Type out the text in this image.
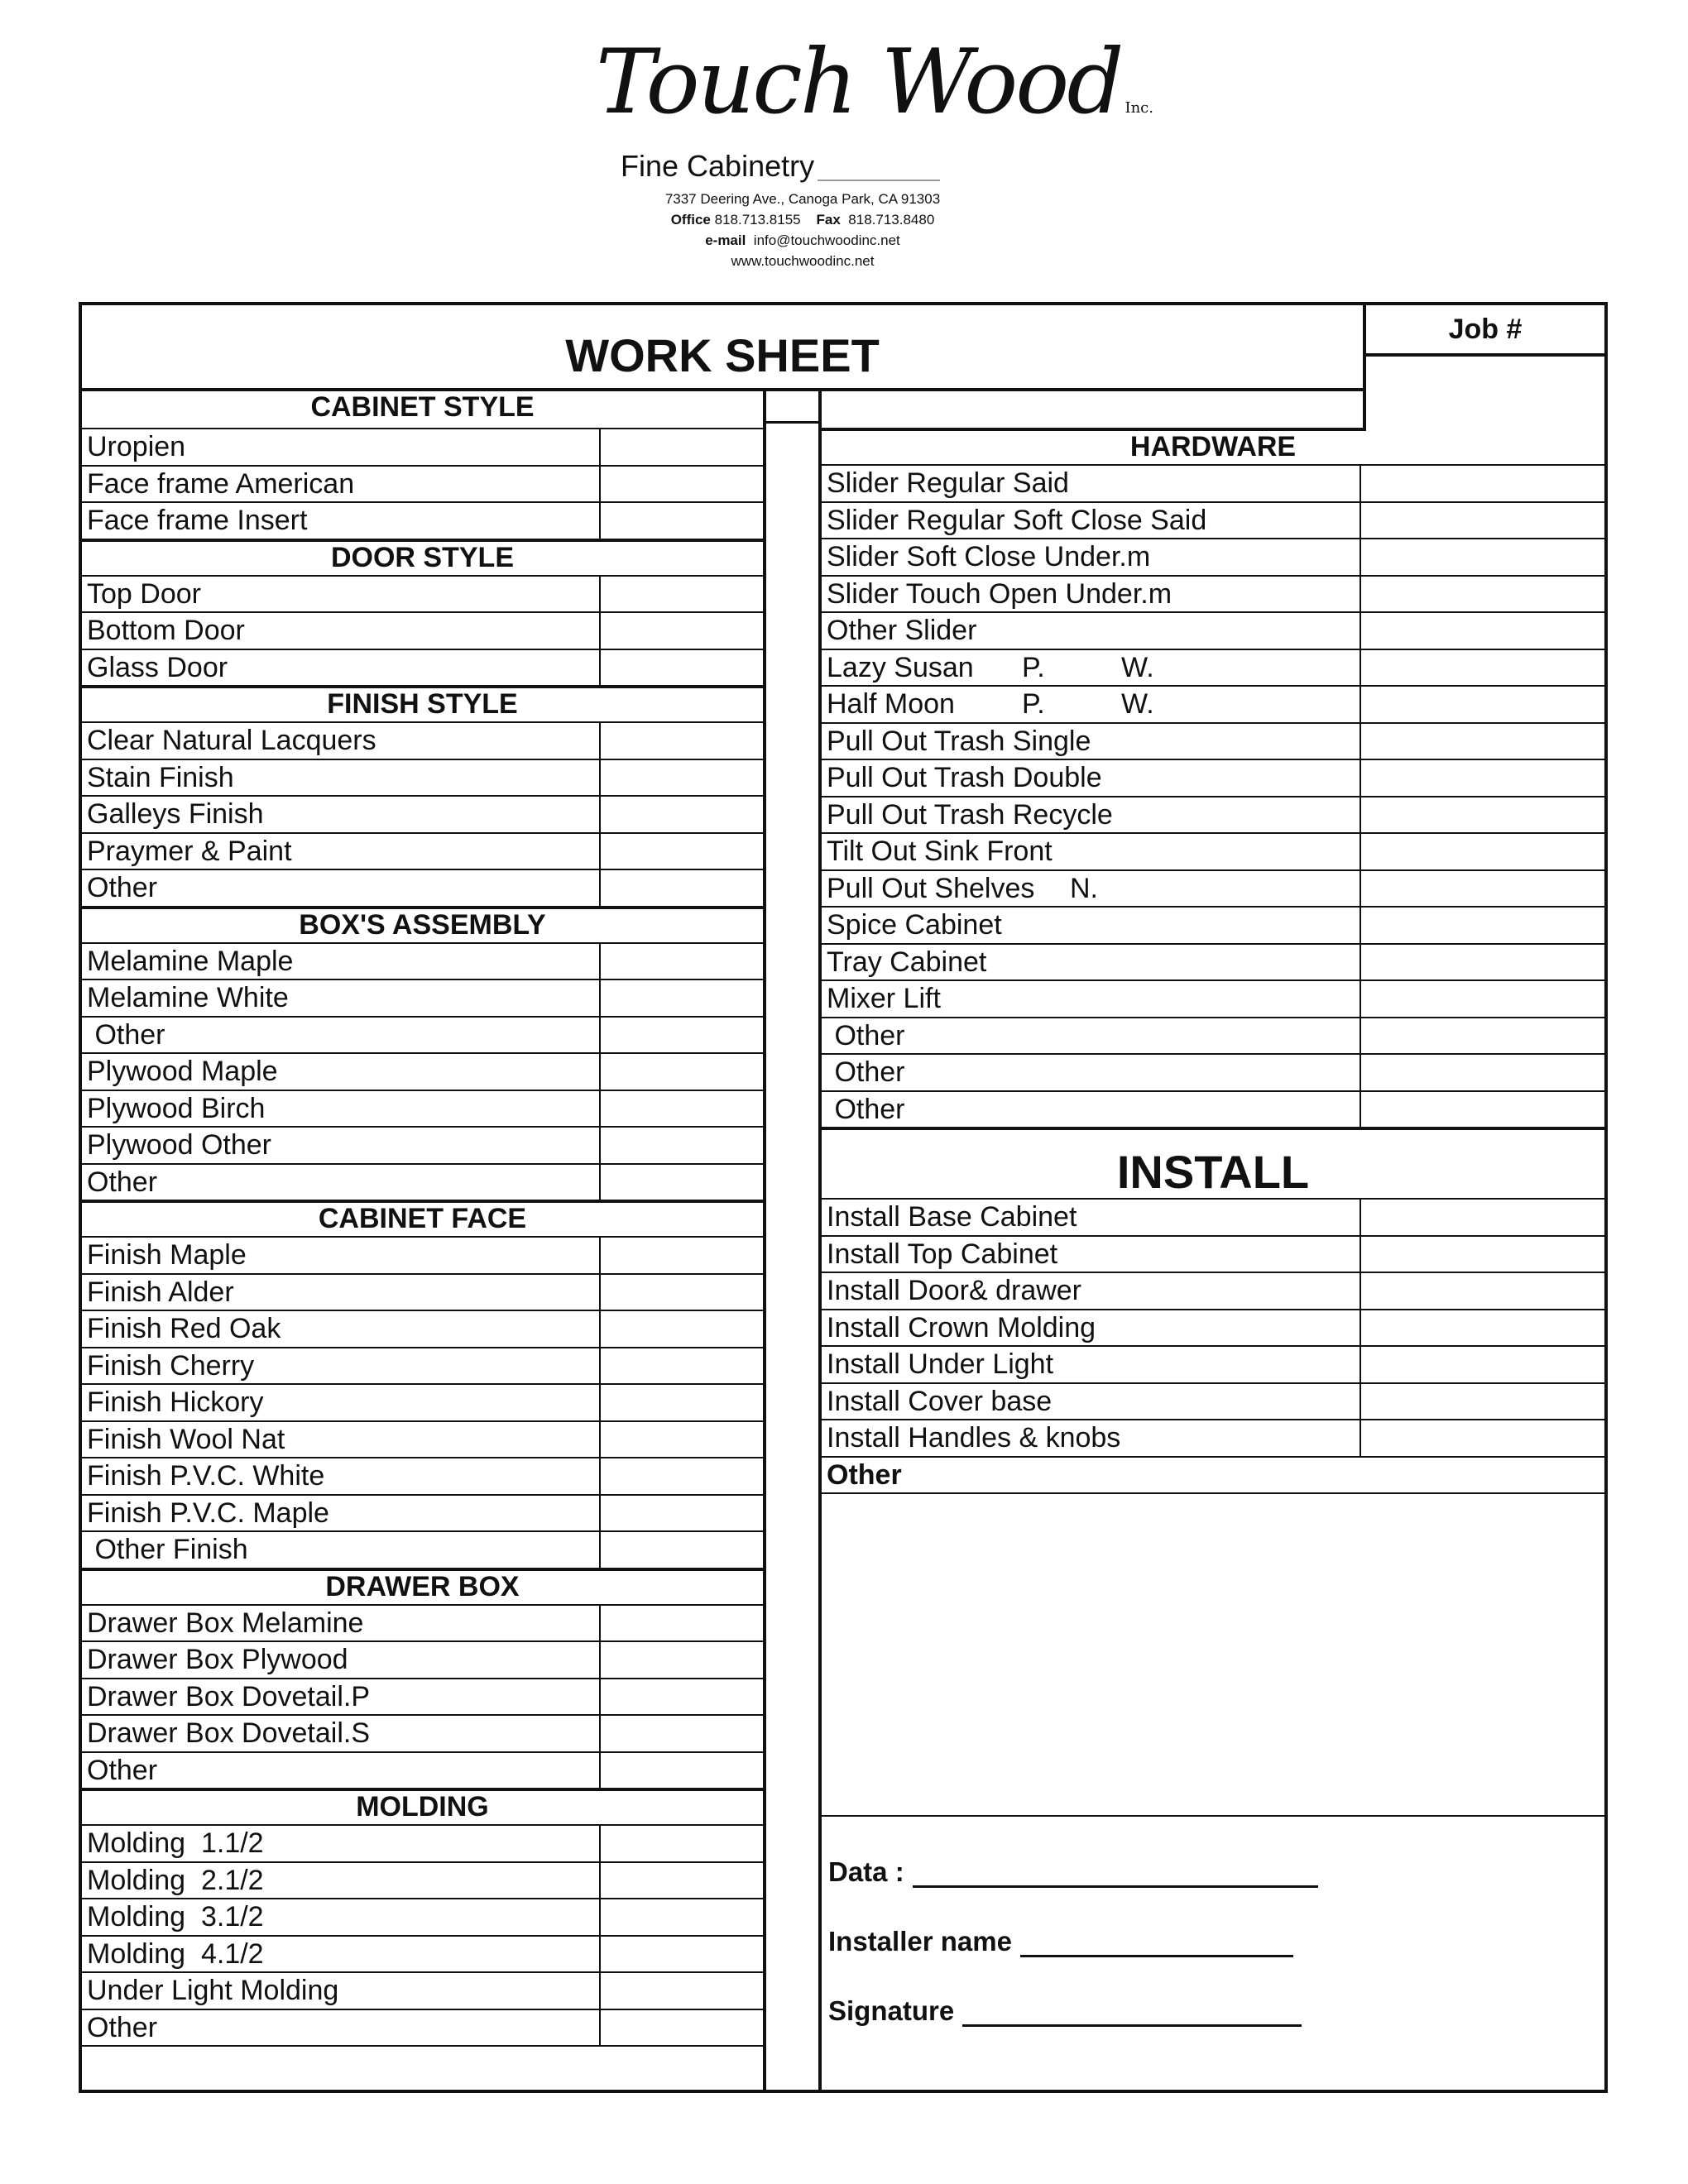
Touch Wood Inc.
Fine Cabinetry
7337 Deering Ave., Canoga Park, CA 91303
Office 818.713.8155 Fax 818.713.8480
e-mail info@touchwoodinc.net
www.touchwoodinc.net
WORK SHEET	Job #
CABINET STYLE
Uropien
Face frame American
Face frame Insert
DOOR STYLE
Top Door
Bottom Door
Glass Door
FINISH STYLE
Clear Natural Lacquers
Stain Finish
Galleys Finish
Praymer & Paint
Other
BOX'S ASSEMBLY
Melamine Maple
Melamine White
Other
Plywood Maple
Plywood Birch
Plywood Other
Other
CABINET FACE
Finish Maple
Finish Alder
Finish Red Oak
Finish Cherry
Finish Hickory
Finish Wool Nat
Finish P.V.C. White
Finish P.V.C. Maple
Other Finish
DRAWER BOX
Drawer Box Melamine
Drawer Box Plywood
Drawer Box Dovetail.P
Drawer Box Dovetail.S
Other
MOLDING
Molding  1.1/2
Molding  2.1/2
Molding  3.1/2
Molding  4.1/2
Under Light Molding
Other
HARDWARE
Slider Regular Said
Slider Regular Soft Close Said
Slider Soft Close Under.m
Slider Touch Open Under.m
Other Slider
Lazy Susan P.	W.
Half Moon P.	W.
Pull Out Trash Single
Pull Out Trash Double
Pull Out Trash Recycle
Tilt Out Sink Front
Pull Out Shelves N.
Spice Cabinet
Tray Cabinet
Mixer Lift
Other
Other
Other
INSTALL
Install Base Cabinet
Install Top Cabinet
Install Door& drawer
Install Crown Molding
Install Under Light
Install Cover base
Install Handles & knobs
Other
Data :
Installer name
Signature
